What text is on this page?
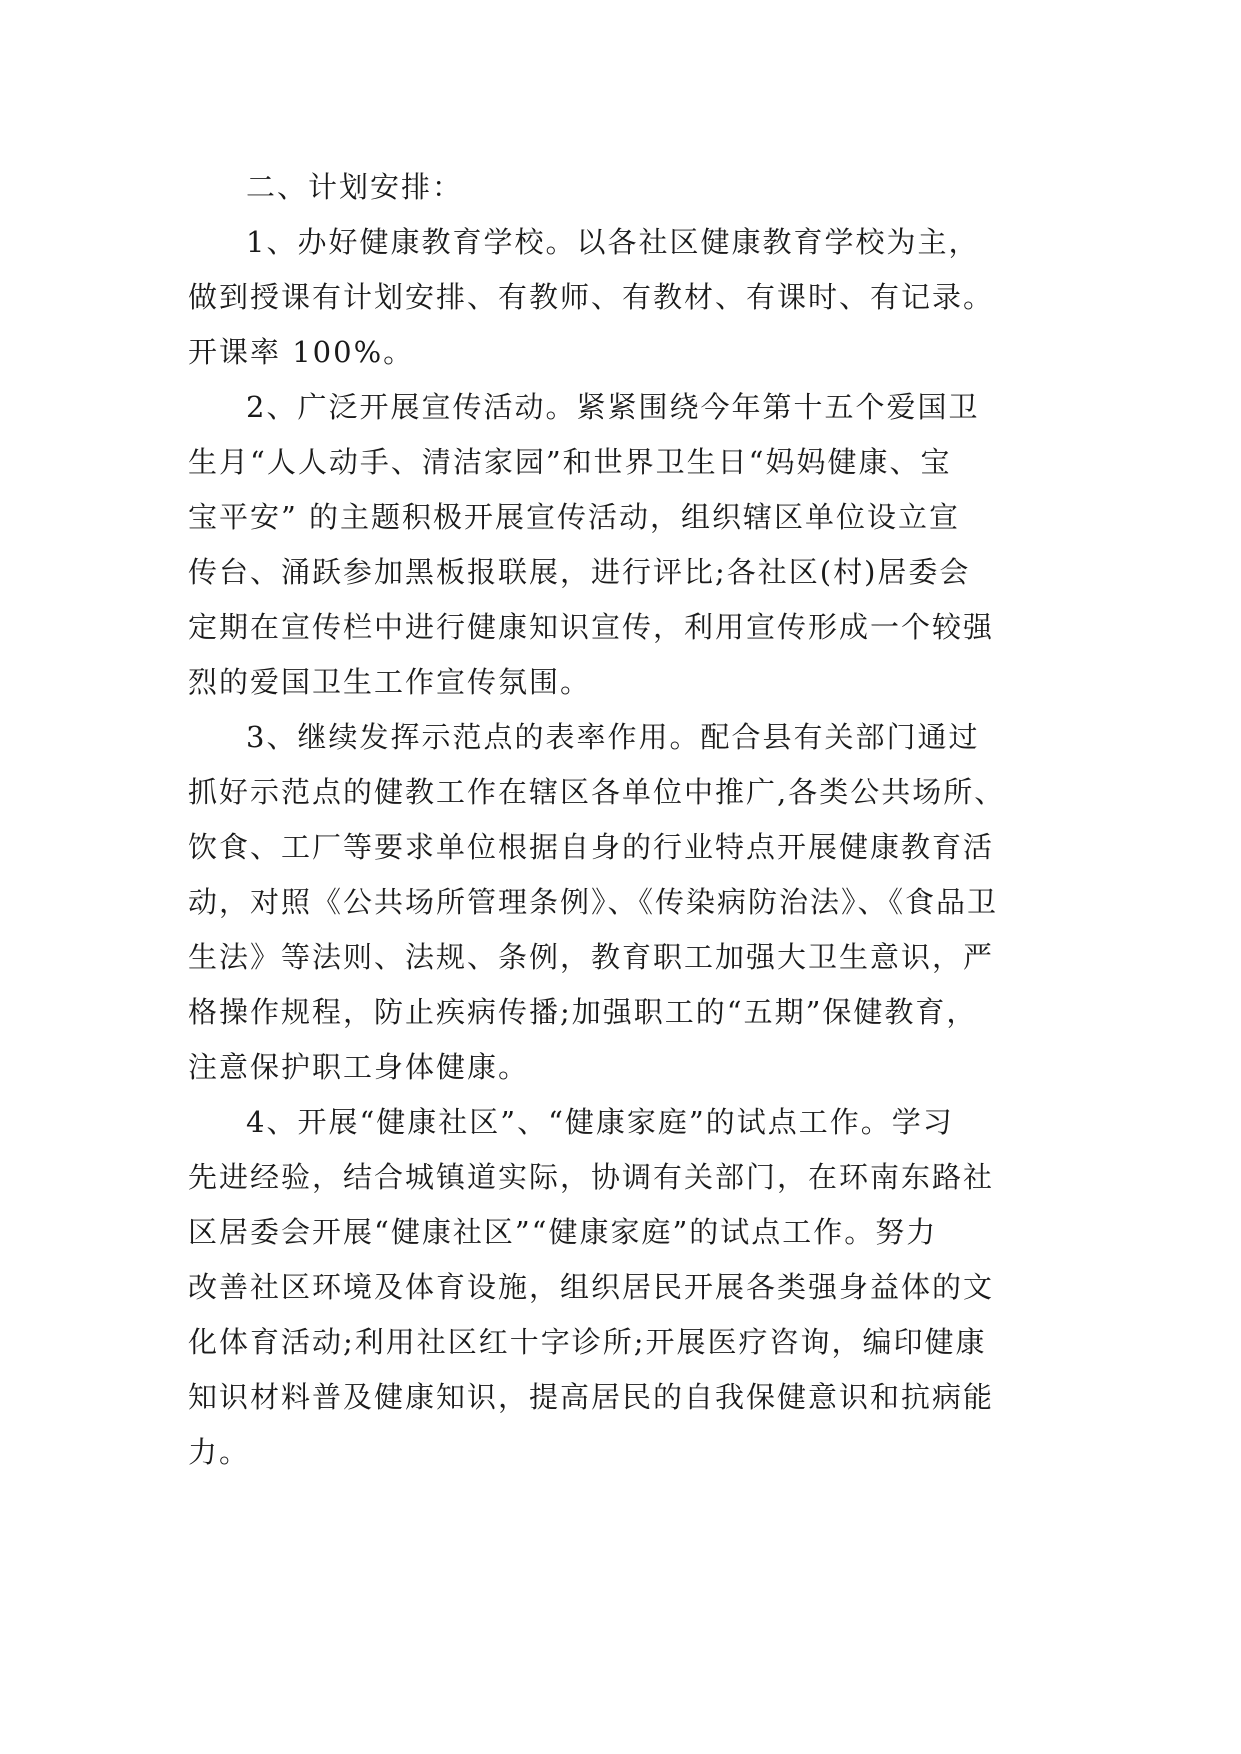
二、计划安排：

1、办好健康教育学校。以各社区健康教育学校为主，
做到授课有计划安排、有教师、有教材、有课时、有记录。
开课率 100%。

2、广泛开展宣传活动。紧紧围绕今年第十五个爱国卫
生月“人人动手、清洁家园”和世界卫生日“妈妈健康、宝
宝平安” 的主题积极开展宣传活动，组织辖区单位设立宣
传台、涌跃参加黑板报联展，进行评比;各社区(村)居委会
定期在宣传栏中进行健康知识宣传，利用宣传形成一个较强
烈的爱国卫生工作宣传氛围。

3、继续发挥示范点的表率作用。配合县有关部门通过
抓好示范点的健教工作在辖区各单位中推广,各类公共场所、
饮食、工厂等要求单位根据自身的行业特点开展健康教育活
动，对照《公共场所管理条例》、《传染病防治法》、《食品卫
生法》等法则、法规、条例，教育职工加强大卫生意识，严
格操作规程，防止疾病传播;加强职工的“五期”保健教育，
注意保护职工身体健康。

4、开展“健康社区”、“健康家庭”的试点工作。学习
先进经验，结合城镇道实际，协调有关部门，在环南东路社
区居委会开展“健康社区”“健康家庭”的试点工作。努力
改善社区环境及体育设施，组织居民开展各类强身益体的文
化体育活动;利用社区红十字诊所;开展医疗咨询，编印健康
知识材料普及健康知识，提高居民的自我保健意识和抗病能
力。
